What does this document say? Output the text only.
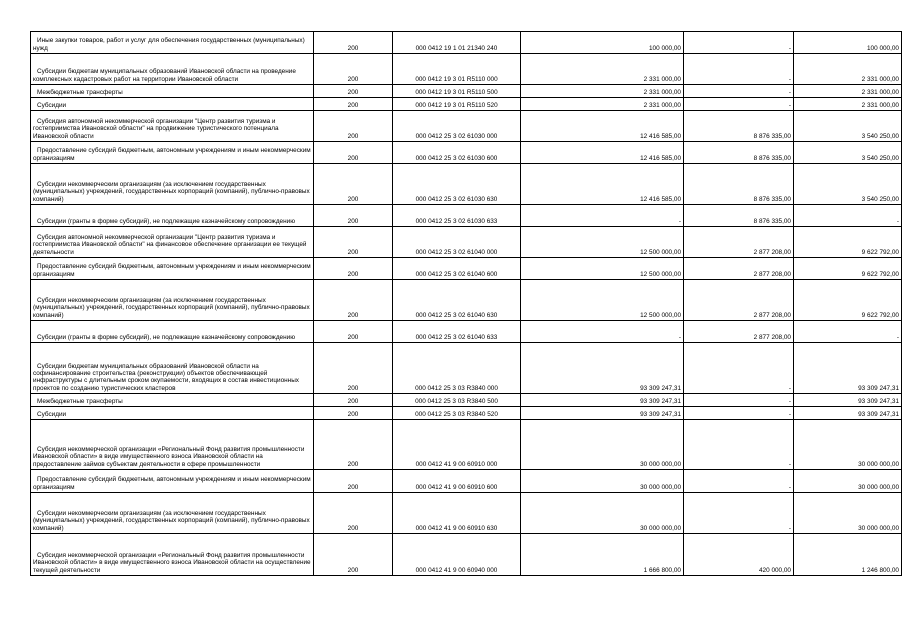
Иные закупки товаров, работ и услуг для обеспечения государственных (муниципальных) нужд	200	000 0412 19 1 01 21340 240	100 000,00	-	100 000,00
Субсидии бюджетам муниципальных образований Ивановской области на проведение комплексных кадастровых работ на территории Ивановской области	200	000 0412 19 3 01 R5110 000	2 331 000,00	-	2 331 000,00
Межбюджетные трансферты	200	000 0412 19 3 01 R5110 500	2 331 000,00	-	2 331 000,00
Субсидии	200	000 0412 19 3 01 R5110 520	2 331 000,00	-	2 331 000,00
Субсидия автономной некоммерческой организации "Центр развития туризма и гостеприимства Ивановской области" на продвижение туристического потенциала Ивановской области	200	000 0412 25 3 02 61030 000	12 416 585,00	8 876 335,00	3 540 250,00
Предоставление субсидий бюджетным, автономным учреждениям и иным некоммерческим организациям	200	000 0412 25 3 02 61030 600	12 416 585,00	8 876 335,00	3 540 250,00
Субсидии некоммерческим организациям (за исключением государственных (муниципальных) учреждений, государственных корпораций (компаний), публично-правовых компаний)	200	000 0412 25 3 02 61030 630	12 416 585,00	8 876 335,00	3 540 250,00
Субсидии (гранты в форме субсидий), не подлежащие казначейскому сопровождению	200	000 0412 25 3 02 61030 633	-	8 876 335,00	-
Субсидия автономной некоммерческой организации "Центр развития туризма и гостеприимства Ивановской области" на финансовое обеспечение организации ее текущей деятельности	200	000 0412 25 3 02 61040 000	12 500 000,00	2 877 208,00	9 622 792,00
Предоставление субсидий бюджетным, автономным учреждениям и иным некоммерческим организациям	200	000 0412 25 3 02 61040 600	12 500 000,00	2 877 208,00	9 622 792,00
Субсидии некоммерческим организациям (за исключением государственных (муниципальных) учреждений, государственных корпораций (компаний), публично-правовых компаний)	200	000 0412 25 3 02 61040 630	12 500 000,00	2 877 208,00	9 622 792,00
Субсидии (гранты в форме субсидий), не подлежащие казначейскому сопровождению	200	000 0412 25 3 02 61040 633	-	2 877 208,00	-
Субсидии бюджетам муниципальных образований Ивановской области на софинансирование строительства (реконструкции) объектов обеспечивающей инфраструктуры с длительным сроком окупаемости, входящих в состав инвестиционных проектов по созданию туристических кластеров	200	000 0412 25 3 03 R3840 000	93 309 247,31	-	93 309 247,31
Межбюджетные трансферты	200	000 0412 25 3 03 R3840 500	93 309 247,31	-	93 309 247,31
Субсидии	200	000 0412 25 3 03 R3840 520	93 309 247,31	-	93 309 247,31
Субсидия некоммерческой организации «Региональный Фонд развития промышленности Ивановской области» в виде имущественного взноса Ивановской области на предоставление займов субъектам деятельности в сфере промышленности	200	000 0412 41 9 00 60910 000	30 000 000,00	-	30 000 000,00
Предоставление субсидий бюджетным, автономным учреждениям и иным некоммерческим организациям	200	000 0412 41 9 00 60910 600	30 000 000,00	-	30 000 000,00
Субсидии некоммерческим организациям (за исключением государственных (муниципальных) учреждений, государственных корпораций (компаний), публично-правовых компаний)	200	000 0412 41 9 00 60910 630	30 000 000,00	-	30 000 000,00
Субсидия некоммерческой организации «Региональный Фонд развития промышленности Ивановской области» в виде имущественного взноса Ивановской области на осуществление текущей деятельности	200	000 0412 41 9 00 60940 000	1 666 800,00	420 000,00	1 246 800,00
